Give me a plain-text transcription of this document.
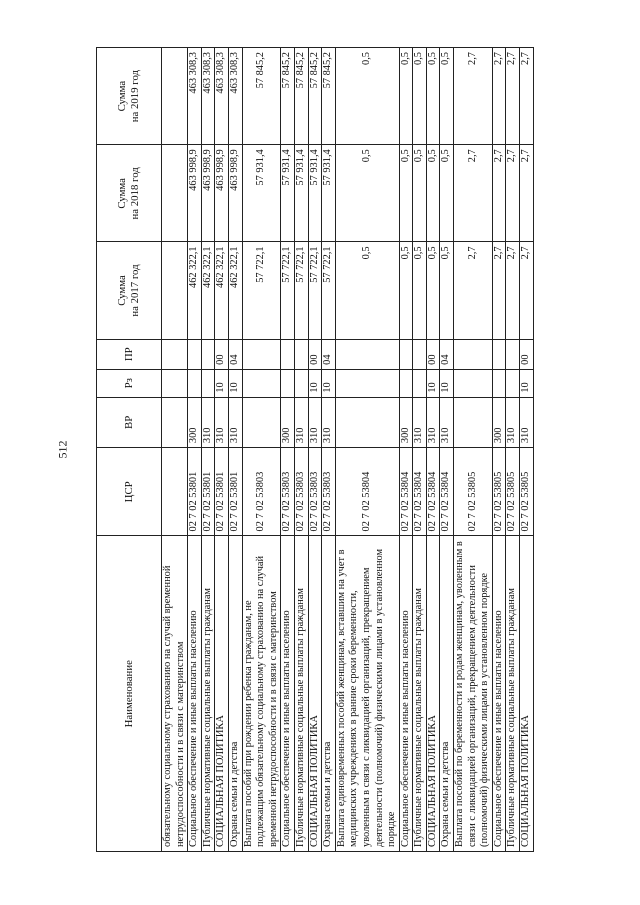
512
Наименование	ЦСР	ВР	Рз	ПР	Сумма на 2017 год	Сумма на 2018 год	Сумма на 2019 год

обязательному социальному страхованию на случай временной нетрудоспособности и в связи с материнством							
Социальное обеспечение и иные выплаты населению	02 7 02 53801	300			462 322,1	463 998,9	463 308,3
Публичные нормативные социальные выплаты гражданам	02 7 02 53801	310			462 322,1	463 998,9	463 308,3
СОЦИАЛЬНАЯ ПОЛИТИКА	02 7 02 53801	310	10	00	462 322,1	463 998,9	463 308,3
Охрана семьи и детства	02 7 02 53801	310	10	04	462 322,1	463 998,9	463 308,3
Выплата пособий при рождении ребенка гражданам, не подлежащим обязательному социальному страхованию на случай временной нетрудоспособности и в связи с материнством	02 7 02 53803				57 722,1	57 931,4	57 845,2
Социальное обеспечение и иные выплаты населению	02 7 02 53803	300			57 722,1	57 931,4	57 845,2
Публичные нормативные социальные выплаты гражданам	02 7 02 53803	310			57 722,1	57 931,4	57 845,2
СОЦИАЛЬНАЯ ПОЛИТИКА	02 7 02 53803	310	10	00	57 722,1	57 931,4	57 845,2
Охрана семьи и детства	02 7 02 53803	310	10	04	57 722,1	57 931,4	57 845,2
Выплата единовременных пособий женщинам, вставшим на учет в медицинских учреждениях в ранние сроки беременности, уволенным в связи с ликвидацией организаций, прекращением деятельности (полномочий) физическими лицами в установленном порядке	02 7 02 53804				0,5	0,5	0,5
Социальное обеспечение и иные выплаты населению	02 7 02 53804	300			0,5	0,5	0,5
Публичные нормативные социальные выплаты гражданам	02 7 02 53804	310			0,5	0,5	0,5
СОЦИАЛЬНАЯ ПОЛИТИКА	02 7 02 53804	310	10	00	0,5	0,5	0,5
Охрана семьи и детства	02 7 02 53804	310	10	04	0,5	0,5	0,5
Выплата пособий по беременности и родам женщинам, уволенным в связи с ликвидацией организаций, прекращением деятельности (полномочий) физическими лицами в установленном порядке	02 7 02 53805				2,7	2,7	2,7
Социальное обеспечение и иные выплаты населению	02 7 02 53805	300			2,7	2,7	2,7
Публичные нормативные социальные выплаты гражданам	02 7 02 53805	310			2,7	2,7	2,7
СОЦИАЛЬНАЯ ПОЛИТИКА	02 7 02 53805	310	10	00	2,7	2,7	2,7
